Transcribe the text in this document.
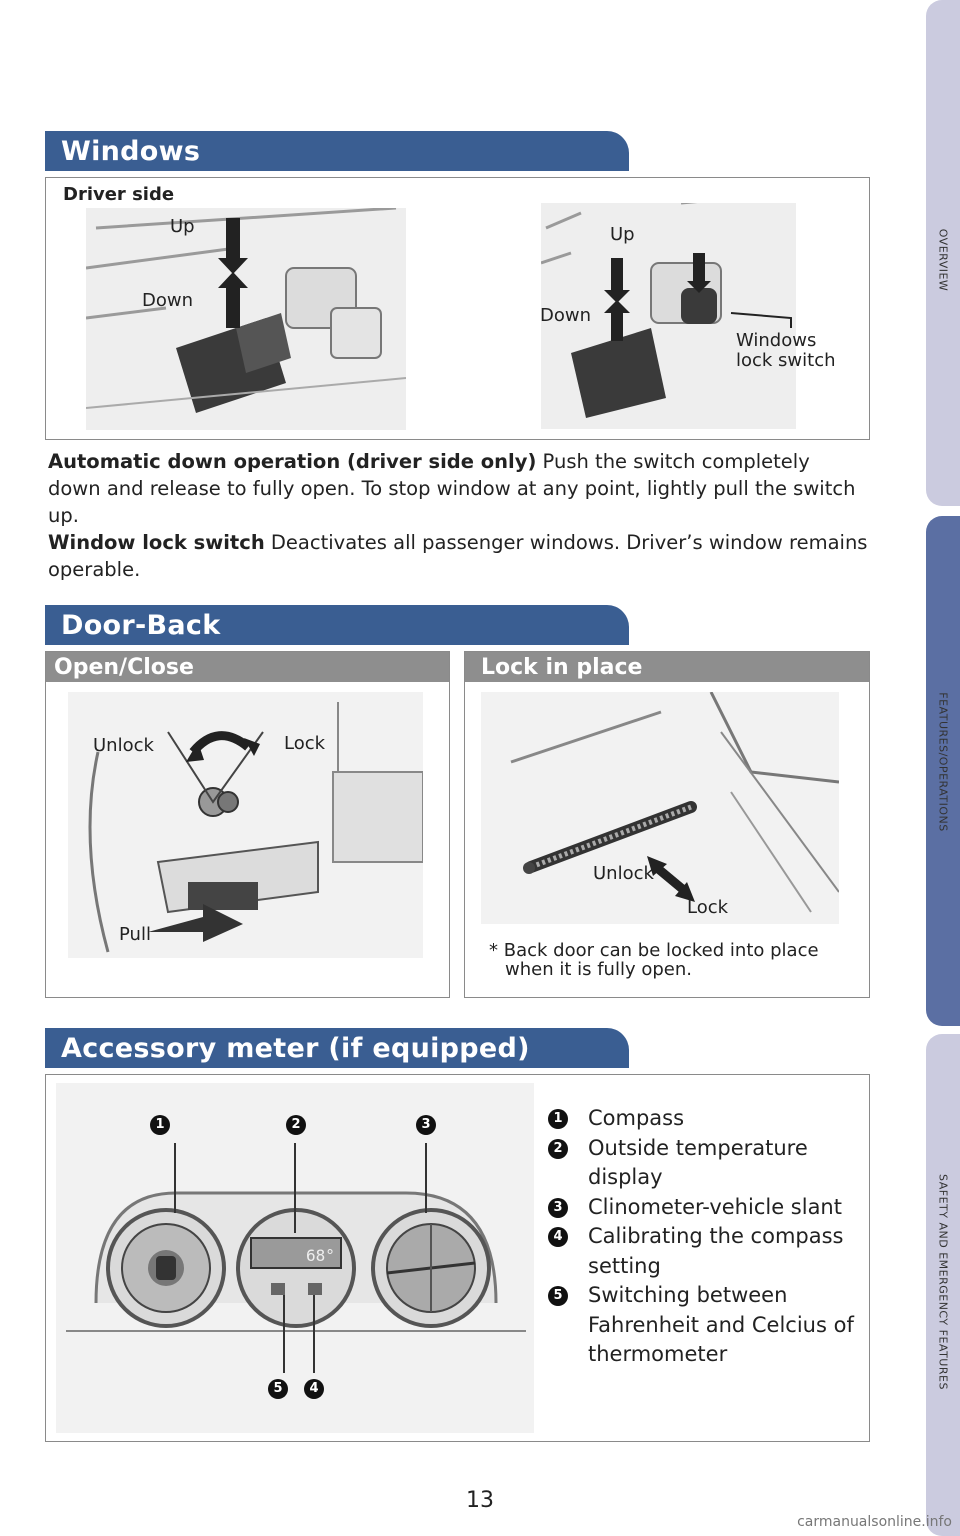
OVERVIEW
FEATURES/OPERATIONS
SAFETY AND EMERGENCY FEATURES
Windows
Driver side
Up
Down
Up
Down
Windows
lock switch
Automatic down operation (driver side only) Push the switch completely down and release to fully open. To stop window at any point, lightly pull the switch up.
Window lock switch Deactivates all passenger windows. Driver’s window remains operable.
Door-Back
Open/Close
Unlock	Lock
Pull
Lock in place
Unlock
Lock
* Back door can be locked into place
when it is fully open.
Accessory meter (if equipped)
68°
1	2	3
5	4
1 Compass
2 Outside temperature display
3 Clinometer-vehicle slant
4 Calibrating the compass setting
5 Switching between Fahrenheit and Celcius of thermometer
13
carmanualsonline.info
